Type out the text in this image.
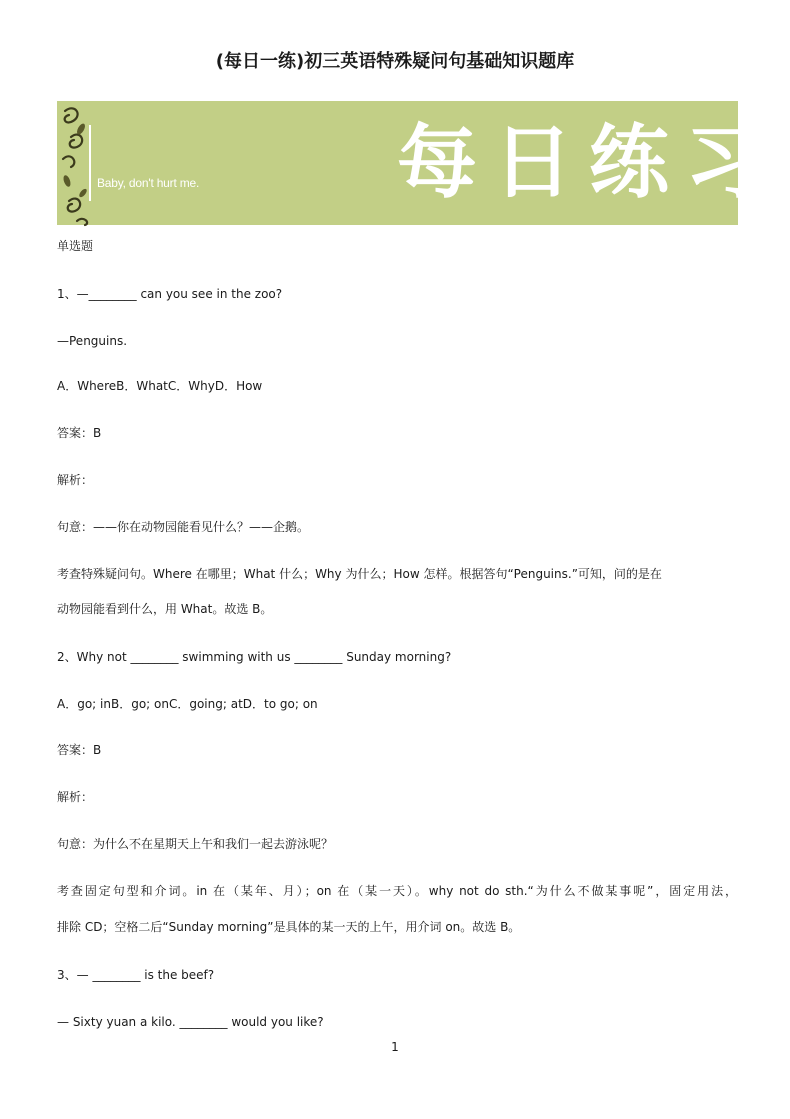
(每日一练)初三英语特殊疑问句基础知识题库
Baby, don't hurt me. 每日练习
单选题
1、—________ can you see in the zoo?
—Penguins.
A．WhereB．WhatC．WhyD．How
答案：B
解析：
句意：——你在动物园能看见什么？——企鹅。
考查特殊疑问句。Where 在哪里；What 什么；Why 为什么；How 怎样。根据答句“Penguins.”可知，问的是在
动物园能看到什么，用 What。故选 B。
2、Why not ________ swimming with us ________ Sunday morning?
A．go; inB．go; onC．going; atD．to go; on
答案：B
解析：
句意：为什么不在星期天上午和我们一起去游泳呢？
考查固定句型和介词。in 在（某年、月）；on 在（某一天）。why not do sth.“为什么不做某事呢”，固定用法，
排除 CD；空格二后“Sunday morning”是具体的某一天的上午，用介词 on。故选 B。
3、— ________ is the beef?
— Sixty yuan a kilo. ________ would you like?
1
